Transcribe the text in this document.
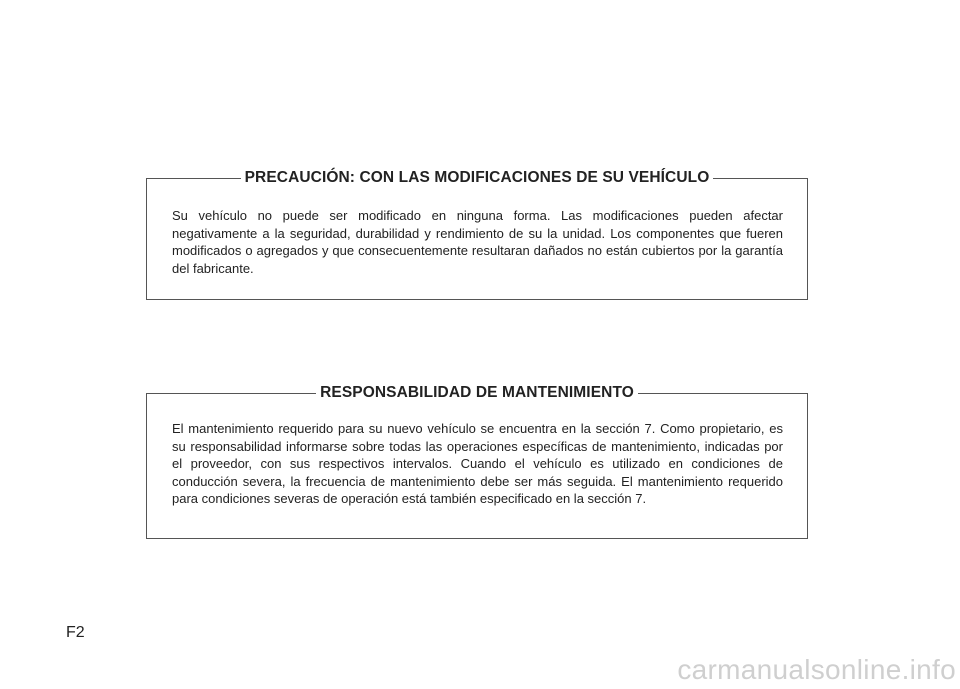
PRECAUCIÓN: CON LAS MODIFICACIONES DE SU VEHÍCULO
Su vehículo no puede ser modificado en ninguna forma. Las modificaciones pueden afectar negativamente a la seguridad, durabilidad y rendimiento de su la unidad. Los componentes que fueren modificados o agregados y que consecuentemente resultaran dañados no están cubiertos por la garantía del fabricante.
RESPONSABILIDAD DE MANTENIMIENTO
El mantenimiento requerido para su nuevo vehículo se encuentra en la sección 7. Como propietario, es su responsabilidad informarse sobre todas las operaciones específicas de mantenimiento, indicadas por el proveedor, con sus respectivos intervalos. Cuando el vehículo es utilizado en condiciones de conducción severa, la frecuencia de mantenimiento debe ser más seguida. El mantenimiento requerido para condiciones severas de operación está también especificado en la sección 7.
F2
carmanualsonline.info
